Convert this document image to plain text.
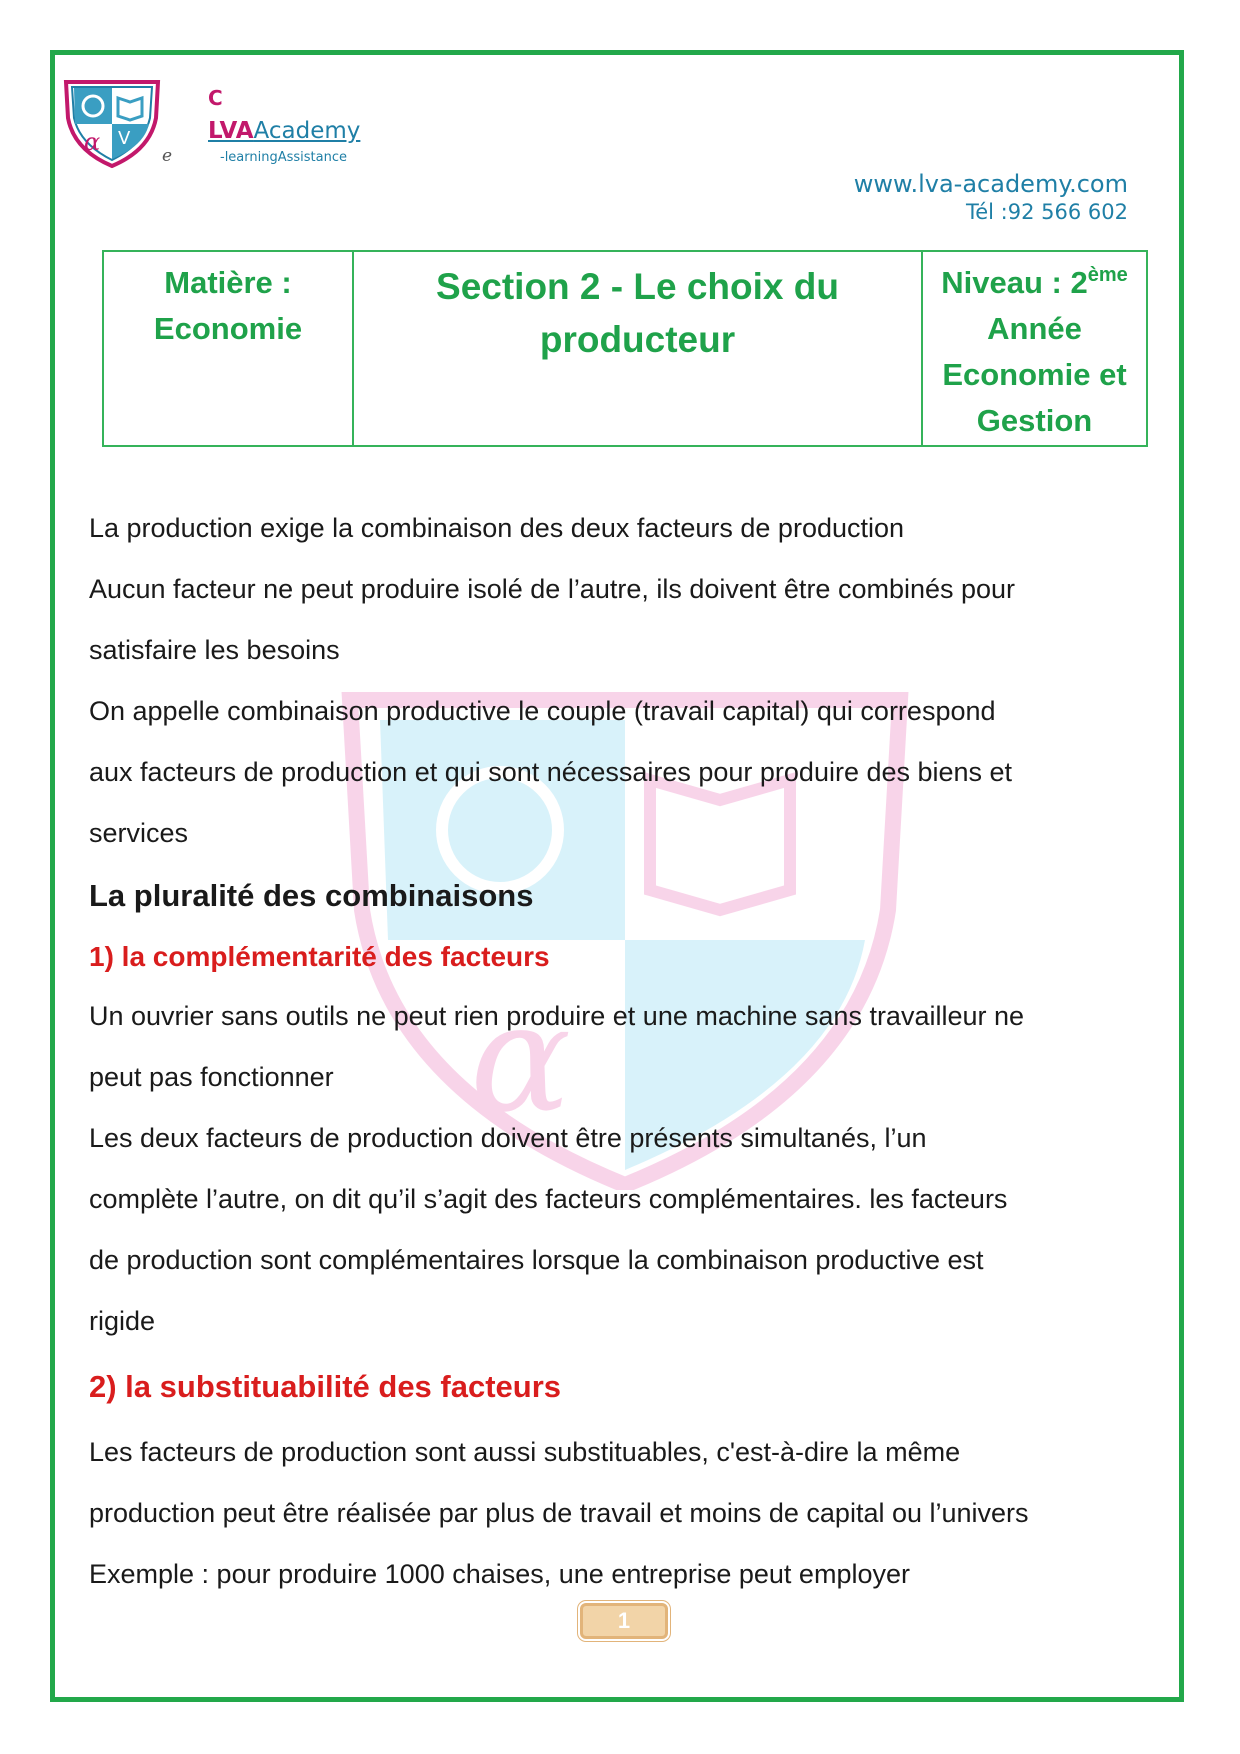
α V
e

C

LVAAcademy
-learningAssistance
www.lva-academy.com
Tél :92 566 602
Matière :
Economie

Section 2 - Le choix du
producteur

Niveau : 2ème
Année
Economie et
Gestion
α

La production exige la combinaison des deux facteurs de production

Aucun facteur ne peut produire isolé de l’autre, ils doivent être combinés pour

satisfaire les besoins

On appelle combinaison productive le couple (travail capital) qui correspond

aux facteurs de production et qui sont nécessaires pour produire des biens et

services

La pluralité des combinaisons
1) la complémentarité des facteurs

Un ouvrier sans outils ne peut rien produire et une machine sans travailleur ne

peut pas fonctionner

Les deux facteurs de production doivent être présents simultanés, l’un

complète l’autre, on dit qu’il s’agit des facteurs complémentaires. les facteurs

de production sont complémentaires lorsque la combinaison productive est

rigide

2) la substituabilité des facteurs

Les facteurs de production sont aussi substituables, c'est-à-dire la même

production peut être réalisée par plus de travail et moins de capital ou l’univers

Exemple : pour produire 1000 chaises, une entreprise peut employer

1
